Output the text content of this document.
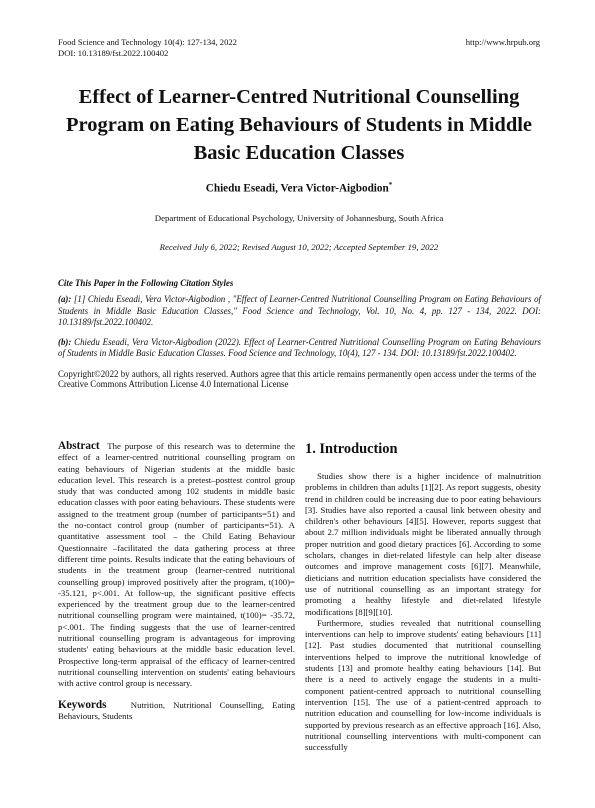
Food Science and Technology 10(4): 127-134, 2022
DOI: 10.13189/fst.2022.100402
http://www.hrpub.org
Effect of Learner-Centred Nutritional Counselling Program on Eating Behaviours of Students in Middle Basic Education Classes
Chiedu Eseadi, Vera Victor-Aigbodion*
Department of Educational Psychology, University of Johannesburg, South Africa
Received July 6, 2022; Revised August 10, 2022; Accepted September 19, 2022
Cite This Paper in the Following Citation Styles

(a): [1] Chiedu Eseadi, Vera Victor-Aigbodion , "Effect of Learner-Centred Nutritional Counselling Program on Eating Behaviours of Students in Middle Basic Education Classes," Food Science and Technology, Vol. 10, No. 4, pp. 127 - 134, 2022. DOI: 10.13189/fst.2022.100402.

(b): Chiedu Eseadi, Vera Victor-Aigbodion (2022). Effect of Learner-Centred Nutritional Counselling Program on Eating Behaviours of Students in Middle Basic Education Classes. Food Science and Technology, 10(4), 127 - 134. DOI: 10.13189/fst.2022.100402.

Copyright©2022 by authors, all rights reserved. Authors agree that this article remains permanently open access under the terms of the Creative Commons Attribution License 4.0 International License
Abstract The purpose of this research was to determine the effect of a learner-centred nutritional counselling program on eating behaviours of Nigerian students at the middle basic education level. This research is a pretest–posttest control group study that was conducted among 102 students in middle basic education classes with poor eating behaviours. These students were assigned to the treatment group (number of participants=51) and the no-contact control group (number of participants=51). A quantitative assessment tool – the Child Eating Behaviour Questionnaire –facilitated the data gathering process at three different time points. Results indicate that the eating behaviours of students in the treatment group (learner-centred nutritional counselling group) improved positively after the program, t(100)= -35.121, p<.001. At follow-up, the significant positive effects experienced by the treatment group due to the learner-centred nutritional counselling program were maintained, t(100)= -35.72, p<.001. The finding suggests that the use of learner-centred nutritional counselling program is advantageous for improving students' eating behaviours at the middle basic education level. Prospective long-term appraisal of the efficacy of learner-centred nutritional counselling intervention on students' eating behaviours with active control group is necessary.
Keywords	Nutrition, Nutritional Counselling, Eating Behaviours, Students
1. Introduction

Studies show there is a higher incidence of malnutrition problems in children than adults [1][2]. As report suggests, obesity trend in children could be increasing due to poor eating behaviours [3]. Studies have also reported a causal link between obesity and children's other behaviours [4][5]. However, reports suggest that about 2.7 million individuals might be liberated annually through proper nutrition and good dietary practices [6]. According to some scholars, changes in diet-related lifestyle can help alter disease outcomes and improve management costs [6][7]. Meanwhile, dieticians and nutrition education specialists have considered the use of nutritional counselling as an important strategy for promoting a healthy lifestyle and diet-related lifestyle modifications [8][9][10].

Furthermore, studies revealed that nutritional counselling interventions can help to improve students' eating behaviours [11][12]. Past studies documented that nutritional counselling interventions helped to improve the nutritional knowledge of students [13] and promote healthy eating behaviours [14]. But there is a need to actively engage the students in a multi-component patient-centred approach to nutritional counselling intervention [15]. The use of a patient-centred approach to nutrition education and counselling for low-income individuals is supported by previous research as an effective approach [16]. Also, nutritional counselling interventions with multi-component can successfully
